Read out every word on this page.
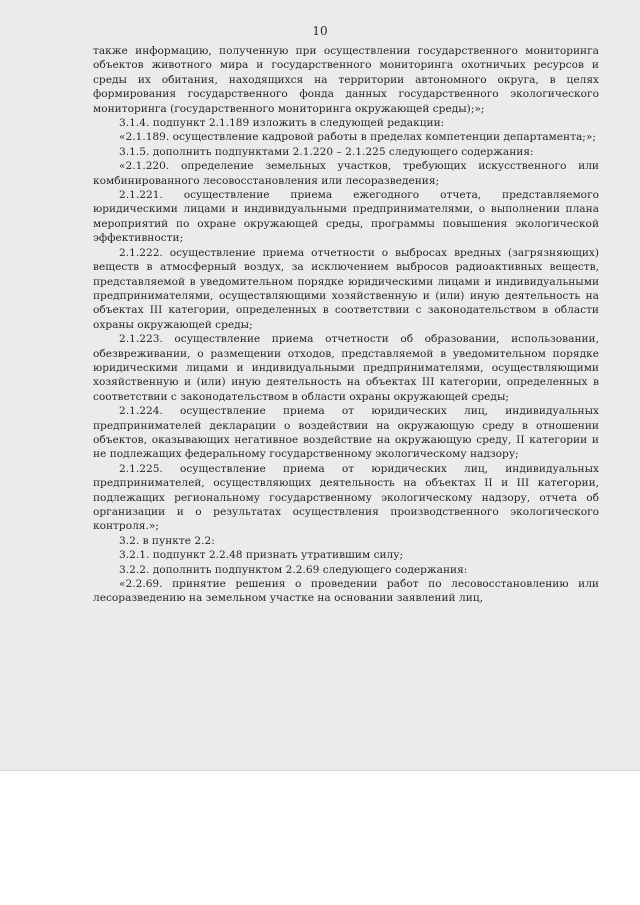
10

также информацию, полученную при осуществлении государственного мониторинга объектов животного мира и государственного мониторинга охотничьих ресурсов и среды их обитания, находящихся на территории автономного округа, в целях формирования государственного фонда данных государственного экологического мониторинга (государственного мониторинга окружающей среды);»;

3.1.4. подпункт 2.1.189 изложить в следующей редакции:

«2.1.189. осуществление кадровой работы в пределах компетенции департамента;»;

3.1.5. дополнить подпунктами 2.1.220 – 2.1.225 следующего содержания:

«2.1.220. определение земельных участков, требующих искусственного или комбинированного лесовосстановления или лесоразведения;

2.1.221. осуществление приема ежегодного отчета, представляемого юридическими лицами и индивидуальными предпринимателями, о выполнении плана мероприятий по охране окружающей среды, программы повышения экологической эффективности;

2.1.222. осуществление приема отчетности о выбросах вредных (загрязняющих) веществ в атмосферный воздух, за исключением выбросов радиоактивных веществ, представляемой в уведомительном порядке юридическими лицами и индивидуальными предпринимателями, осуществляющими хозяйственную и (или) иную деятельность на объектах III категории, определенных в соответствии с законодательством в области охраны окружающей среды;

2.1.223. осуществление приема отчетности об образовании, использовании, обезвреживании, о размещении отходов, представляемой в уведомительном порядке юридическими лицами и индивидуальными предпринимателями, осуществляющими хозяйственную и (или) иную деятельность на объектах III категории, определенных в соответствии с законодательством в области охраны окружающей среды;

2.1.224. осуществление приема от юридических лиц, индивидуальных предпринимателей декларации о воздействии на окружающую среду в отношении объектов, оказывающих негативное воздействие на окружающую среду, II категории и не подлежащих федеральному государственному экологическому надзору;

2.1.225. осуществление приема от юридических лиц, индивидуальных предпринимателей, осуществляющих деятельность на объектах II и III категории, подлежащих региональному государственному экологическому надзору, отчета об организации и о результатах осуществления производственного экологического контроля.»;

3.2. в пункте 2.2:

3.2.1. подпункт 2.2.48 признать утратившим силу;

3.2.2. дополнить подпунктом 2.2.69 следующего содержания:

«2.2.69. принятие решения о проведении работ по лесовосстановлению или лесоразведению на земельном участке на основании заявлений лиц,
